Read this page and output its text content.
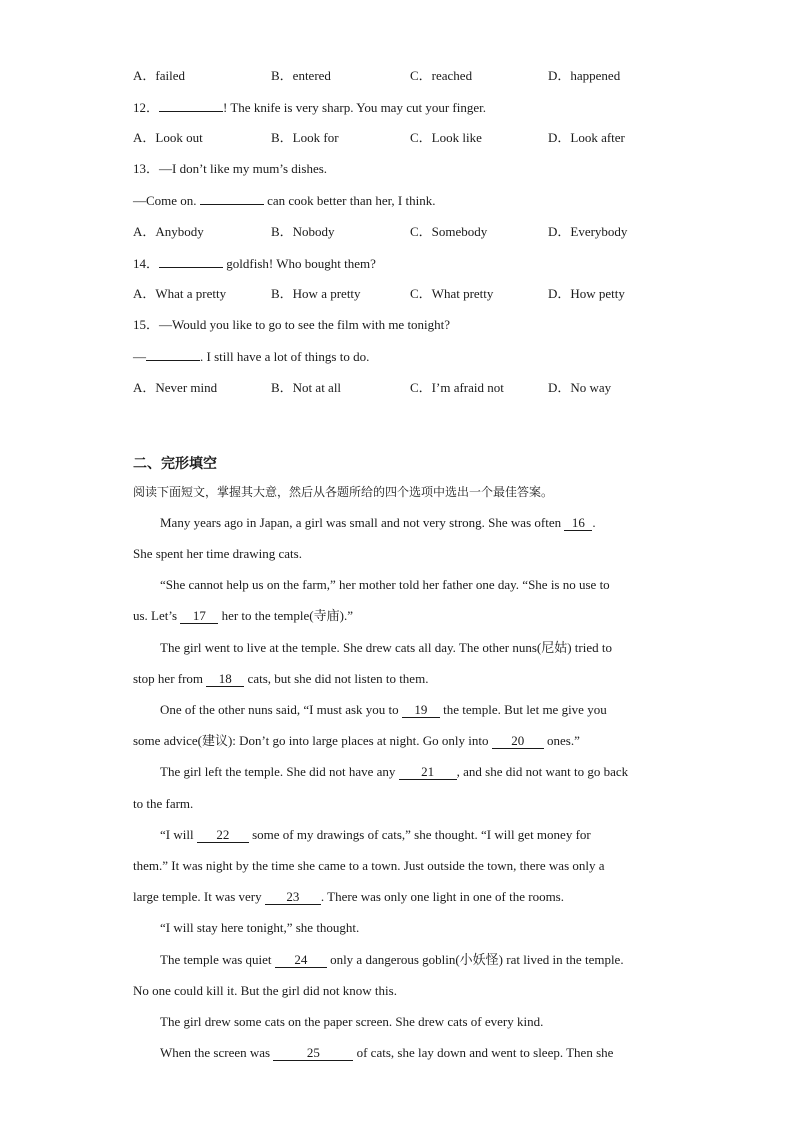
A．failed	B．entered	C．reached	D．happened
12．	! The knife is very sharp. You may cut your finger.
A．Look out	B．Look for	C．Look like	D．Look after
13．—I don’t like my mum’s dishes.
—Come on.	can cook better than her, I think.
A．Anybody	B．Nobody	C．Somebody	D．Everybody
14．	goldfish! Who bought them?
A．What a pretty	B．How a pretty	C．What pretty	D．How petty
15．—Would you like to go to see the film with me tonight?
—	. I still have a lot of things to do.
A．Never mind	B．Not at all	C．I’m afraid not	D．No way
二、完形填空
阅读下面短文，掌握其大意，然后从各题所给的四个选项中选出一个最佳答案。
Many years ago in Japan, a girl was small and not very strong. She was often 16 .
She spent her time drawing cats.
“She cannot help us on the farm,” her mother told her father one day. “She is no use to
us. Let’s 17 her to the temple(寺庙).”
The girl went to live at the temple. She drew cats all day. The other nuns(尼姑) tried to
stop her from 18 cats, but she did not listen to them.
One of the other nuns said, “I must ask you to 19 the temple. But let me give you
some advice(建议): Don’t go into large places at night. Go only into 20 ones.”
The girl left the temple. She did not have any 21 , and she did not want to go back
to the farm.
“I will 22 some of my drawings of cats,” she thought. “I will get money for
them.” It was night by the time she came to a town. Just outside the town, there was only a
large temple. It was very 23 . There was only one light in one of the rooms.
“I will stay here tonight,” she thought.
The temple was quiet 24 only a dangerous goblin(小妖怪) rat lived in the temple.
No one could kill it. But the girl did not know this.
The girl drew some cats on the paper screen. She drew cats of every kind.
When the screen was	25	of cats, she lay down and went to sleep. Then she
